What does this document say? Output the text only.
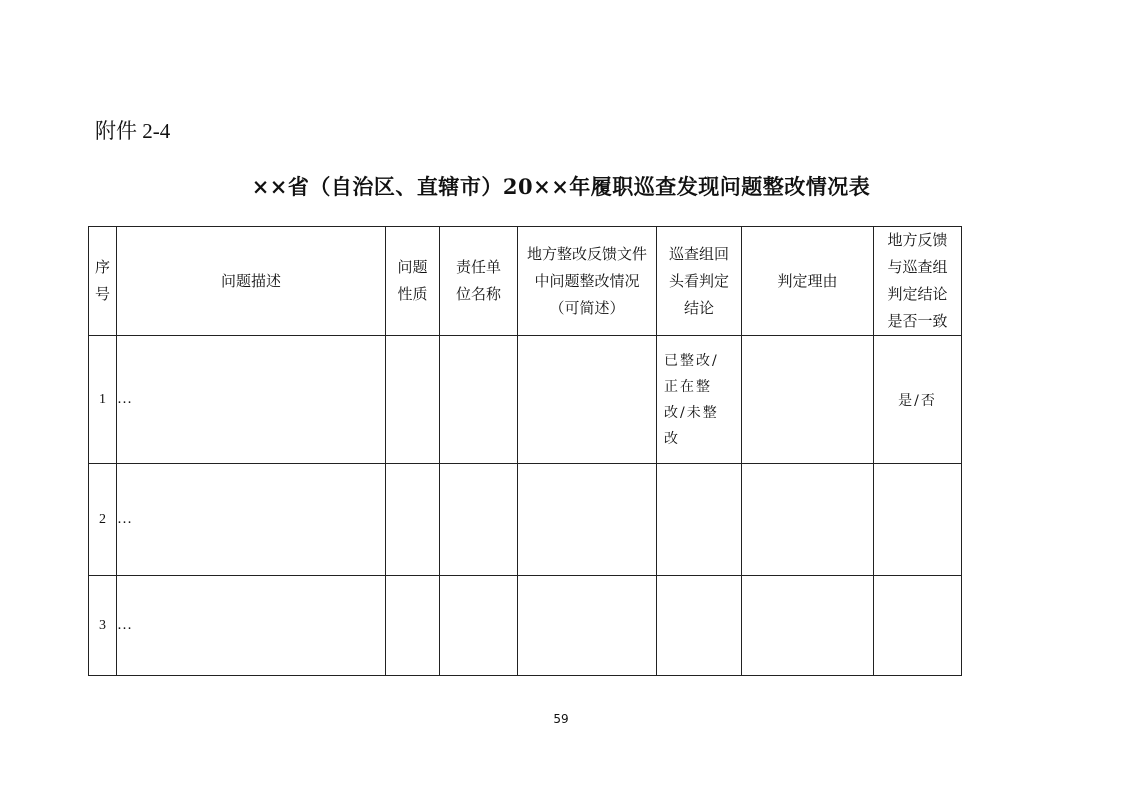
附件 2-4
××省（自治区、直辖市）20××年履职巡查发现问题整改情况表
序号	问题描述	问题性质	责任单位名称	地方整改反馈文件中问题整改情况（可简述）	巡查组回头看判定结论	判定理由	地方反馈与巡查组判定结论是否一致

1	…				已整改/正在整改/未整改		是/否
2	…						
3	…						
59
